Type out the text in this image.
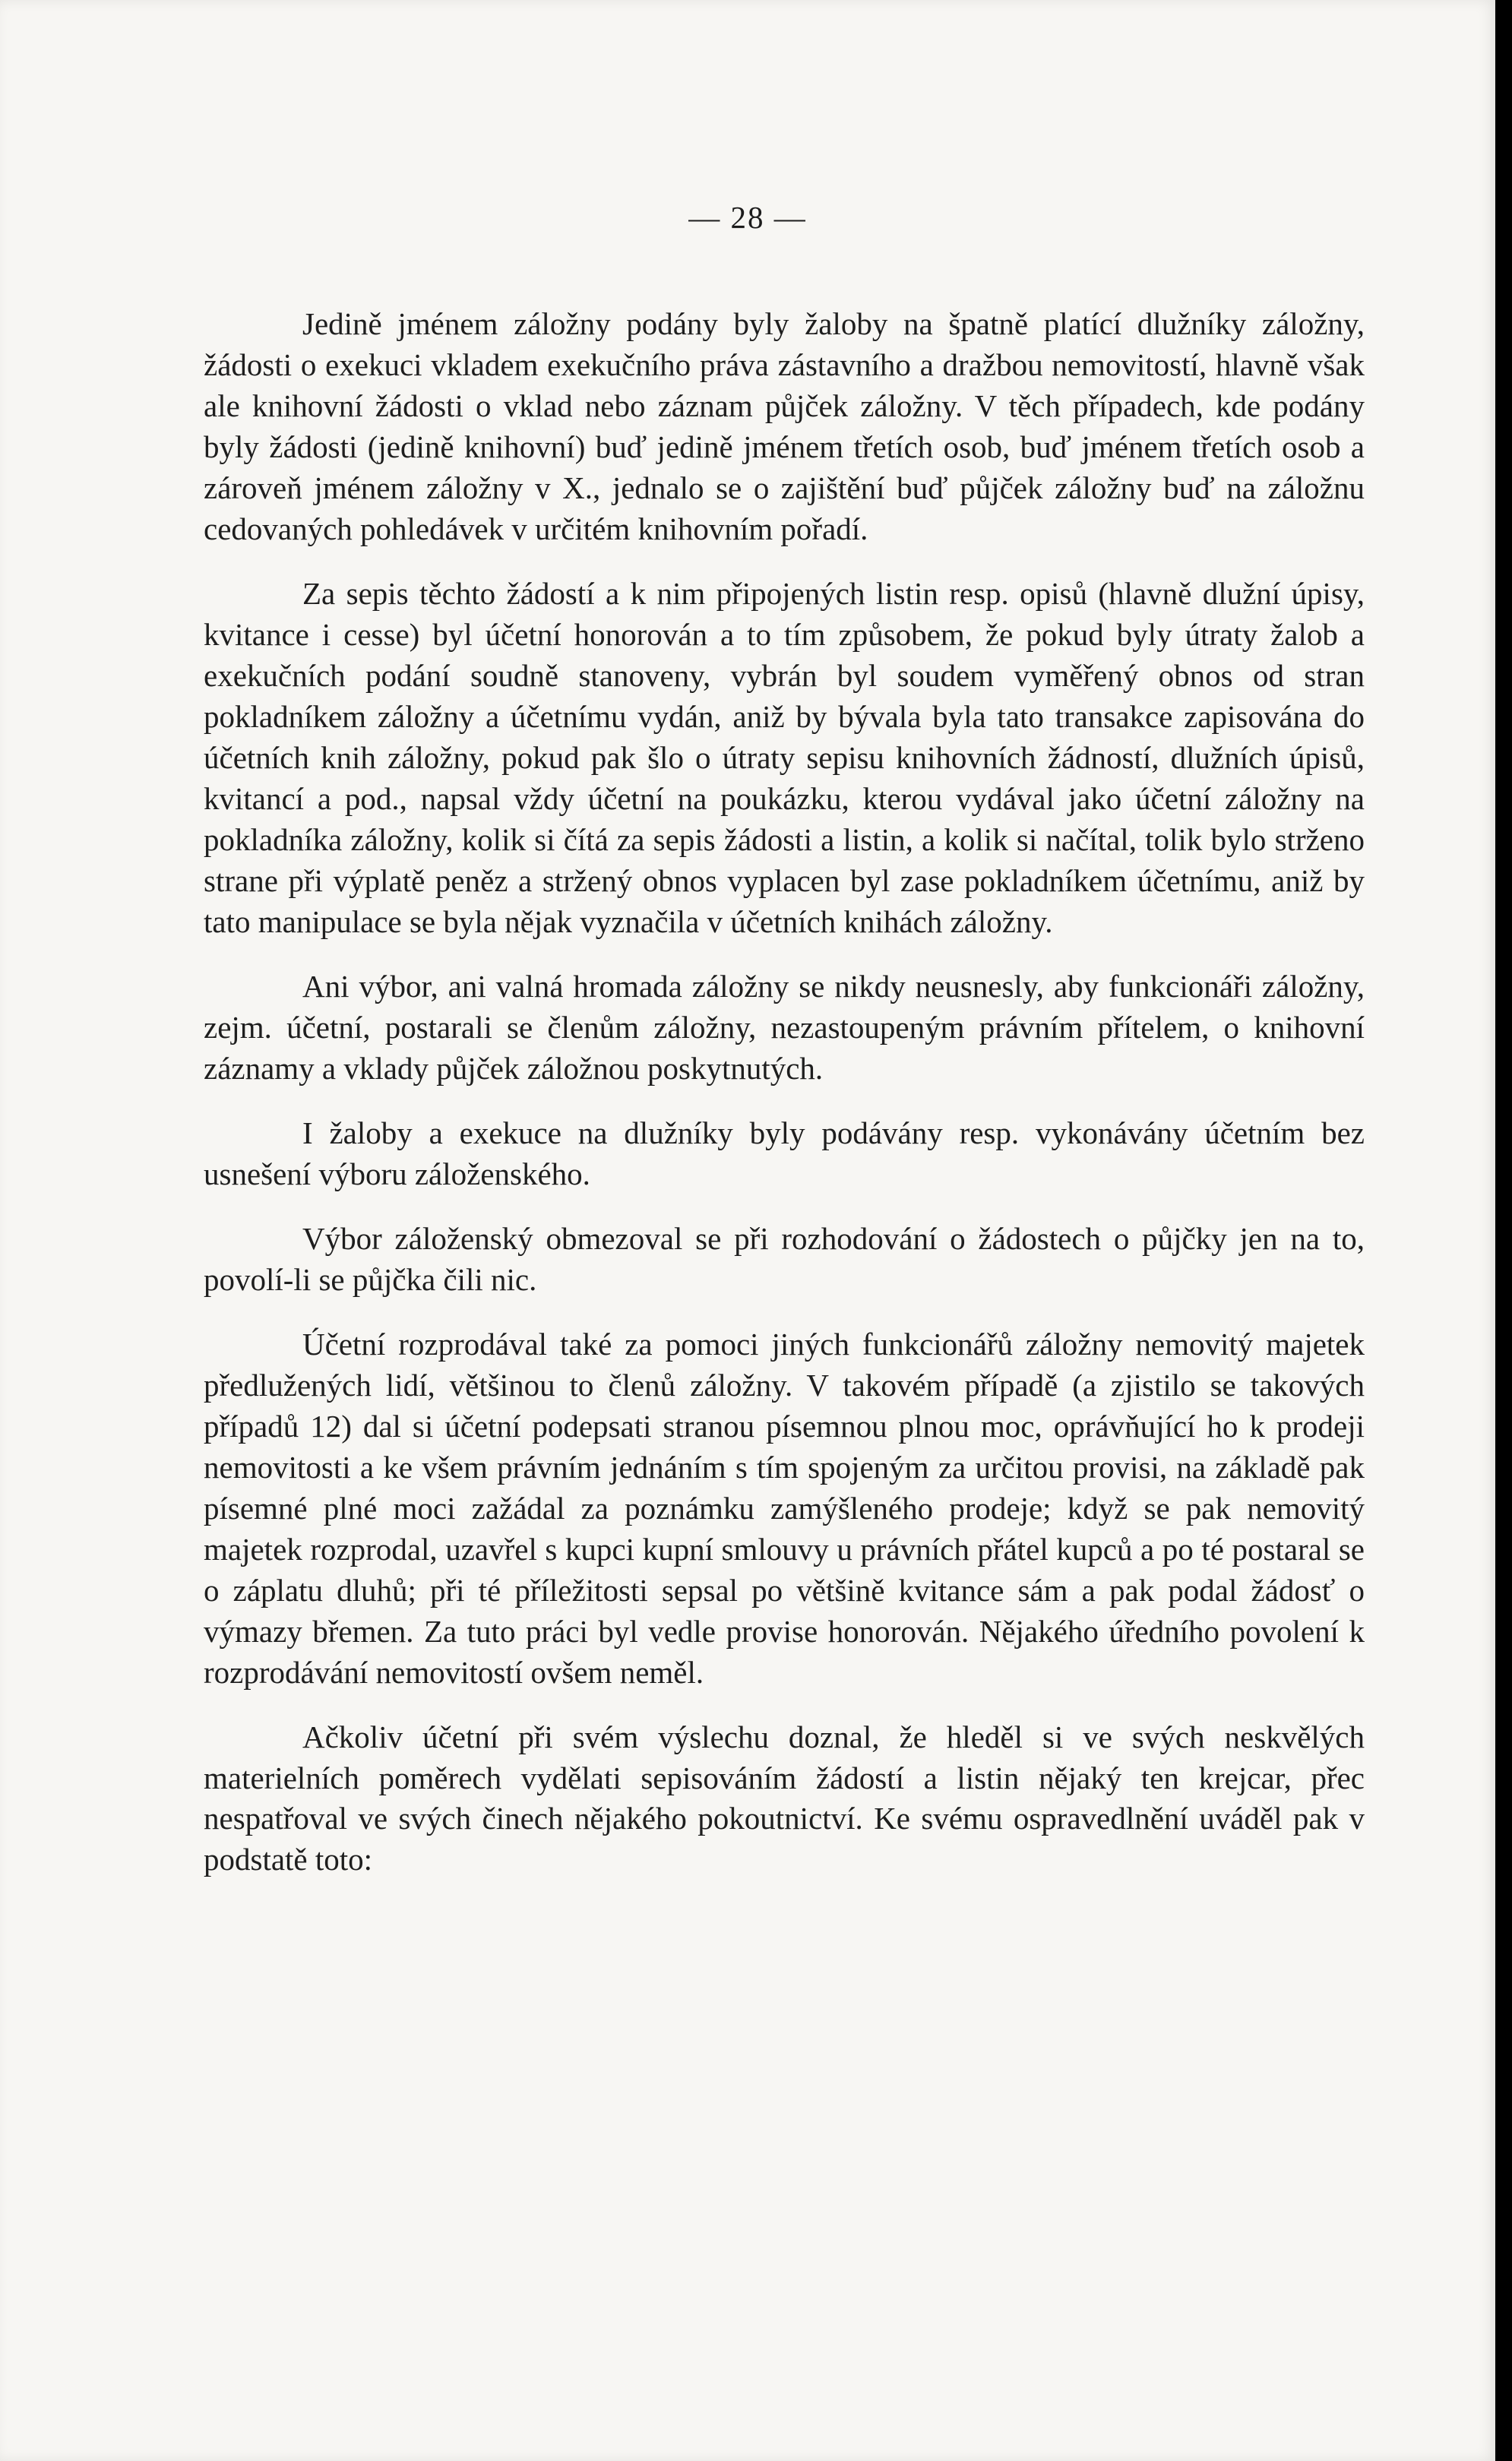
— 28 —

Jedině jménem záložny podány byly žaloby na špatně platící dlužníky záložny, žádosti o exekuci vkladem exekučního práva zástavního a dražbou nemovitostí, hlavně však ale knihovní žádosti o vklad nebo záznam půjček záložny. V těch případech, kde podány byly žádosti (jedině knihovní) buď jedině jménem třetích osob, buď jménem třetích osob a zároveň jménem záložny v X., jednalo se o zajištění buď půjček záložny buď na záložnu cedovaných pohledávek v určitém knihovním pořadí.

Za sepis těchto žádostí a k nim připojených listin resp. opisů (hlavně dlužní úpisy, kvitance i cesse) byl účetní honorován a to tím způsobem, že pokud byly útraty žalob a exekučních podání soudně stanoveny, vybrán byl soudem vyměřený obnos od stran pokladníkem záložny a účetnímu vydán, aniž by bývala byla tato transakce zapisována do účetních knih záložny, pokud pak šlo o útraty sepisu knihovních žádností, dlužních úpisů, kvitancí a pod., napsal vždy účetní na poukázku, kterou vydával jako účetní záložny na pokladníka záložny, kolik si čítá za sepis žádosti a listin, a kolik si načítal, tolik bylo strženo strane při výplatě peněz a stržený obnos vyplacen byl zase pokladníkem účetnímu, aniž by tato manipulace se byla nějak vyznačila v účetních knihách záložny.

Ani výbor, ani valná hromada záložny se nikdy neusnesly, aby funkcionáři záložny, zejm. účetní, postarali se členům záložny, nezastoupeným právním přítelem, o knihovní záznamy a vklady půjček záložnou poskytnutých.

I žaloby a exekuce na dlužníky byly podávány resp. vykonávány účetním bez usnešení výboru záloženského.

Výbor záloženský obmezoval se při rozhodování o žádostech o půjčky jen na to, povolí-li se půjčka čili nic.

Účetní rozprodával také za pomoci jiných funkcionářů záložny nemovitý majetek předlužených lidí, většinou to členů záložny. V takovém případě (a zjistilo se takových případů 12) dal si účetní podepsati stranou písemnou plnou moc, oprávňující ho k prodeji nemovitosti a ke všem právním jednáním s tím spojeným za určitou provisi, na základě pak písemné plné moci zažádal za poznámku zamýšleného prodeje; když se pak nemovitý majetek rozprodal, uzavřel s kupci kupní smlouvy u právních přátel kupců a po té postaral se o záplatu dluhů; při té příležitosti sepsal po většině kvitance sám a pak podal žádosť o výmazy břemen. Za tuto práci byl vedle provise honorován. Nějakého úředního povolení k rozprodávání nemovitostí ovšem neměl.

Ačkoliv účetní při svém výslechu doznal, že hleděl si ve svých neskvělých materielních poměrech vydělati sepisováním žádostí a listin nějaký ten krejcar, přec nespatřoval ve svých činech nějakého pokoutnictví. Ke svému ospravedlnění uváděl pak v podstatě toto:
